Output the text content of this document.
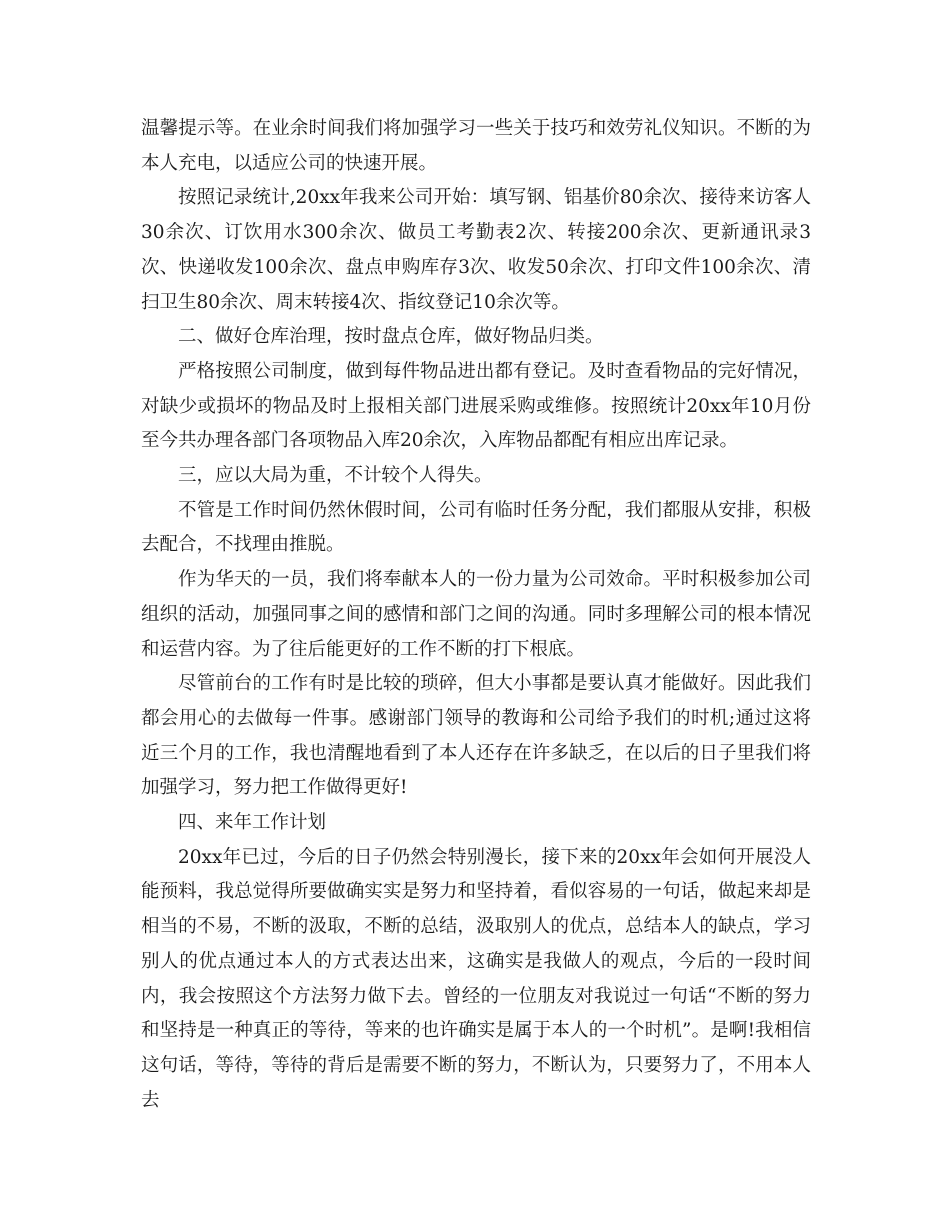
温馨提示等。在业余时间我们将加强学习一些关于技巧和效劳礼仪知识。不断的为本人充电，以适应公司的快速开展。

按照记录统计,20xx年我来公司开始：填写钢、铝基价80余次、接待来访客人30余次、订饮用水300余次、做员工考勤表2次、转接200余次、更新通讯录3次、快递收发100余次、盘点申购库存3次、收发50余次、打印文件100余次、清扫卫生80余次、周末转接4次、指纹登记10余次等。

二、做好仓库治理，按时盘点仓库，做好物品归类。

严格按照公司制度，做到每件物品进出都有登记。及时查看物品的完好情况，对缺少或损坏的物品及时上报相关部门进展采购或维修。按照统计20xx年10月份至今共办理各部门各项物品入库20余次，入库物品都配有相应出库记录。

三，应以大局为重，不计较个人得失。

不管是工作时间仍然休假时间，公司有临时任务分配，我们都服从安排，积极去配合，不找理由推脱。

作为华天的一员，我们将奉献本人的一份力量为公司效命。平时积极参加公司组织的活动，加强同事之间的感情和部门之间的沟通。同时多理解公司的根本情况和运营内容。为了往后能更好的工作不断的打下根底。

尽管前台的工作有时是比较的琐碎，但大小事都是要认真才能做好。因此我们都会用心的去做每一件事。感谢部门领导的教诲和公司给予我们的时机;通过这将近三个月的工作，我也清醒地看到了本人还存在许多缺乏，在以后的日子里我们将加强学习，努力把工作做得更好!

四、来年工作计划

20xx年已过，今后的日子仍然会特别漫长，接下来的20xx年会如何开展没人能预料，我总觉得所要做确实实是努力和坚持着，看似容易的一句话，做起来却是相当的不易，不断的汲取，不断的总结，汲取别人的优点，总结本人的缺点，学习别人的优点通过本人的方式表达出来，这确实是我做人的观点，今后的一段时间内，我会按照这个方法努力做下去。曾经的一位朋友对我说过一句话“不断的努力和坚持是一种真正的等待，等来的也许确实是属于本人的一个时机”。是啊!我相信这句话，等待，等待的背后是需要不断的努力，不断认为，只要努力了，不用本人去
